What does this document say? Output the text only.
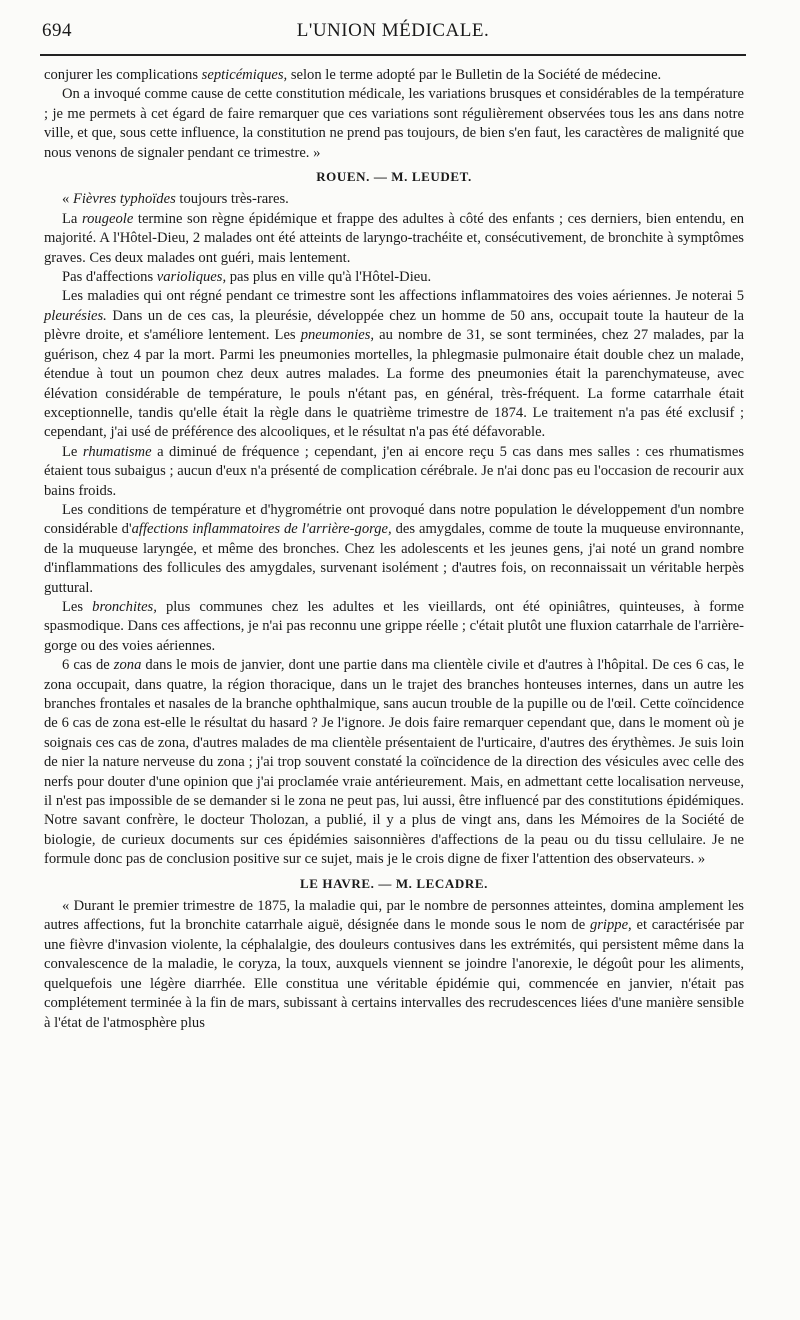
694	L'UNION MÉDICALE.

conjurer les complications septicémiques, selon le terme adopté par le Bulletin de la Société de médecine.

On a invoqué comme cause de cette constitution médicale, les variations brusques et considérables de la température ; je me permets à cet égard de faire remarquer que ces variations sont régulièrement observées tous les ans dans notre ville, et que, sous cette influence, la constitution ne prend pas toujours, de bien s'en faut, les caractères de malignité que nous venons de signaler pendant ce trimestre. »

ROUEN. — M. LEUDET.

« Fièvres typhoïdes toujours très-rares.

La rougeole termine son règne épidémique et frappe des adultes à côté des enfants ; ces derniers, bien entendu, en majorité. A l'Hôtel-Dieu, 2 malades ont été atteints de laryngo-trachéite et, consécutivement, de bronchite à symptômes graves. Ces deux malades ont guéri, mais lentement.

Pas d'affections varioliques, pas plus en ville qu'à l'Hôtel-Dieu.

Les maladies qui ont régné pendant ce trimestre sont les affections inflammatoires des voies aériennes. Je noterai 5 pleurésies. Dans un de ces cas, la pleurésie, développée chez un homme de 50 ans, occupait toute la hauteur de la plèvre droite, et s'améliore lentement. Les pneumonies, au nombre de 31, se sont terminées, chez 27 malades, par la guérison, chez 4 par la mort. Parmi les pneumonies mortelles, la phlegmasie pulmonaire était double chez un malade, étendue à tout un poumon chez deux autres malades. La forme des pneumonies était la parenchymateuse, avec élévation considérable de température, le pouls n'étant pas, en général, très-fréquent. La forme catarrhale était exceptionnelle, tandis qu'elle était la règle dans le quatrième trimestre de 1874. Le traitement n'a pas été exclusif ; cependant, j'ai usé de préférence des alcooliques, et le résultat n'a pas été défavorable.

Le rhumatisme a diminué de fréquence ; cependant, j'en ai encore reçu 5 cas dans mes salles : ces rhumatismes étaient tous subaigus ; aucun d'eux n'a présenté de complication cérébrale. Je n'ai donc pas eu l'occasion de recourir aux bains froids.

Les conditions de température et d'hygrométrie ont provoqué dans notre population le développement d'un nombre considérable d'affections inflammatoires de l'arrière-gorge, des amygdales, comme de toute la muqueuse environnante, de la muqueuse laryngée, et même des bronches. Chez les adolescents et les jeunes gens, j'ai noté un grand nombre d'inflammations des follicules des amygdales, survenant isolément ; d'autres fois, on reconnaissait un véritable herpès guttural.

Les bronchites, plus communes chez les adultes et les vieillards, ont été opiniâtres, quinteuses, à forme spasmodique. Dans ces affections, je n'ai pas reconnu une grippe réelle ; c'était plutôt une fluxion catarrhale de l'arrière-gorge ou des voies aériennes.

6 cas de zona dans le mois de janvier, dont une partie dans ma clientèle civile et d'autres à l'hôpital. De ces 6 cas, le zona occupait, dans quatre, la région thoracique, dans un le trajet des branches honteuses internes, dans un autre les branches frontales et nasales de la branche ophthalmique, sans aucun trouble de la pupille ou de l'œil. Cette coïncidence de 6 cas de zona est-elle le résultat du hasard ? Je l'ignore. Je dois faire remarquer cependant que, dans le moment où je soignais ces cas de zona, d'autres malades de ma clientèle présentaient de l'urticaire, d'autres des érythèmes. Je suis loin de nier la nature nerveuse du zona ; j'ai trop souvent constaté la coïncidence de la direction des vésicules avec celle des nerfs pour douter d'une opinion que j'ai proclamée vraie antérieurement. Mais, en admettant cette localisation nerveuse, il n'est pas impossible de se demander si le zona ne peut pas, lui aussi, être influencé par des constitutions épidémiques. Notre savant confrère, le docteur Tholozan, a publié, il y a plus de vingt ans, dans les Mémoires de la Société de biologie, de curieux documents sur ces épidémies saisonnières d'affections de la peau ou du tissu cellulaire. Je ne formule donc pas de conclusion positive sur ce sujet, mais je le crois digne de fixer l'attention des observateurs. »

LE HAVRE. — M. LECADRE.

« Durant le premier trimestre de 1875, la maladie qui, par le nombre de personnes atteintes, domina amplement les autres affections, fut la bronchite catarrhale aiguë, désignée dans le monde sous le nom de grippe, et caractérisée par une fièvre d'invasion violente, la céphalalgie, des douleurs contusives dans les extrémités, qui persistent même dans la convalescence de la maladie, le coryza, la toux, auxquels viennent se joindre l'anorexie, le dégoût pour les aliments, quelquefois une légère diarrhée. Elle constitua une véritable épidémie qui, commencée en janvier, n'était pas complétement terminée à la fin de mars, subissant à certains intervalles des recrudescences liées d'une manière sensible à l'état de l'atmosphère plus
